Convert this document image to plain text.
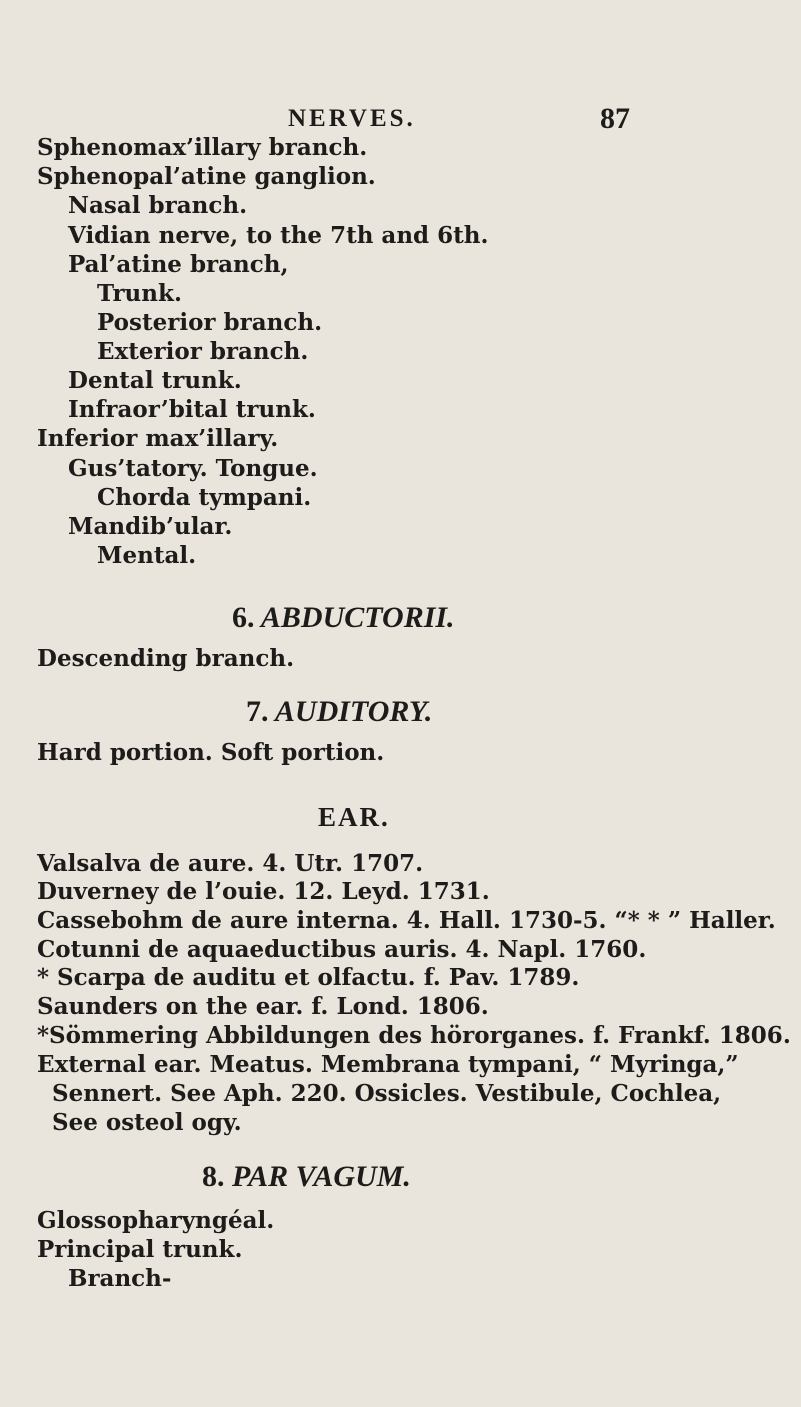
NERVES.	87
Sphenomax’illary branch.
Sphenopal’atine ganglion.
Nasal branch.
Vidian nerve, to the 7th and 6th.
Pal’atine branch,
Trunk.
Posterior branch.
Exterior branch.
Dental trunk.
Infraor’bital trunk.
Inferior max’illary.
Gus’tatory. Tongue.
Chorda tympani.
Mandib’ular.
Mental.
6. ABDUCTORII.
Descending branch.
7. AUDITORY.
Hard portion. Soft portion.
EAR.
Valsalva de aure. 4. Utr. 1707.
Duverney de l’ouie. 12. Leyd. 1731.
Cassebohm de aure interna. 4. Hall. 1730-5. “* * ” Haller.
Cotunni de aquaeductibus auris. 4. Napl. 1760.
* Scarpa de auditu et olfactu. f. Pav. 1789.
Saunders on the ear. f. Lond. 1806.
*Sömmering Abbildungen des hörorganes. f. Frankf. 1806.
External ear. Meatus. Membrana tympani, “ Myringa,”
Sennert. See Aph. 220. Ossicles. Vestibule, Cochlea,
See osteol ogy.
8. PAR VAGUM.
Glossopharyngéal.
Principal trunk.
Branch-
